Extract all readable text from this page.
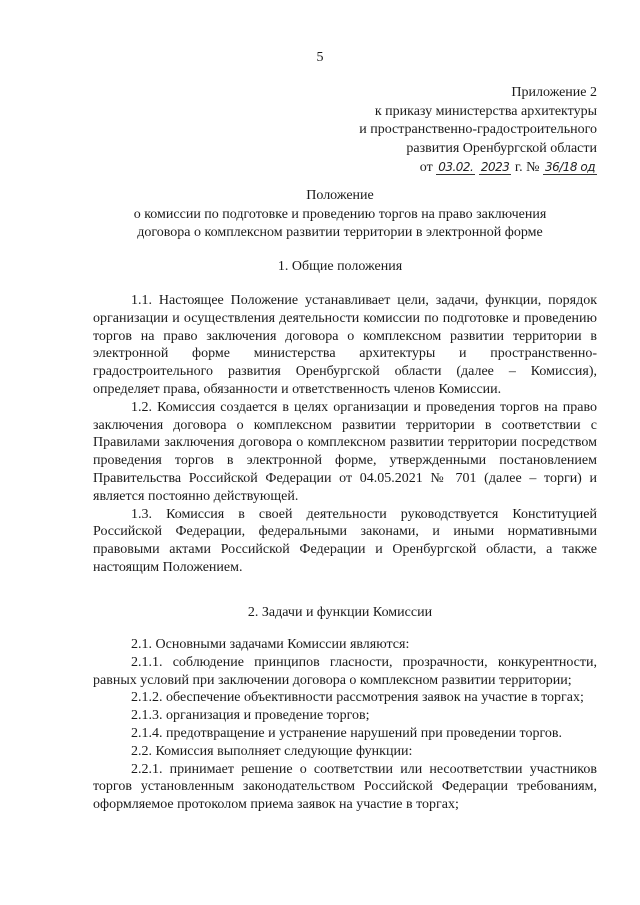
5
Приложение 2
к приказу министерства архитектуры
и пространственно-градостроительного
развития Оренбургской области
от 03.02. 2023 г. № 36/18 од
Положение
о комиссии по подготовке и проведению торгов на право заключения
договора о комплексном развитии территории в электронной форме
1. Общие положения

1.1. Настоящее Положение устанавливает цели, задачи, функции, порядок организации и осуществления деятельности комиссии по подготовке и проведению торгов на право заключения договора о комплексном развитии территории в электронной форме министерства архитектуры и пространственно-градостроительного развития Оренбургской области (далее – Комиссия), определяет права, обязанности и ответственность членов Комиссии.

1.2. Комиссия создается в целях организации и проведения торгов на право заключения договора о комплексном развитии территории в соответствии с Правилами заключения договора о комплексном развитии территории посредством проведения торгов в электронной форме, утвержденными постановлением Правительства Российской Федерации от 04.05.2021 № 701 (далее – торги) и является постоянно действующей.

1.3. Комиссия в своей деятельности руководствуется Конституцией Российской Федерации, федеральными законами, и иными нормативными правовыми актами Российской Федерации и Оренбургской области, а также настоящим Положением.

2. Задачи и функции Комиссии

2.1. Основными задачами Комиссии являются:

2.1.1. соблюдение принципов гласности, прозрачности, конкурентности, равных условий при заключении договора о комплексном развитии территории;

2.1.2. обеспечение объективности рассмотрения заявок на участие в торгах;

2.1.3. организация и проведение торгов;

2.1.4. предотвращение и устранение нарушений при проведении торгов.

2.2. Комиссия выполняет следующие функции:

2.2.1. принимает решение о соответствии или несоответствии участников торгов установленным законодательством Российской Федерации требованиям, оформляемое протоколом приема заявок на участие в торгах;
